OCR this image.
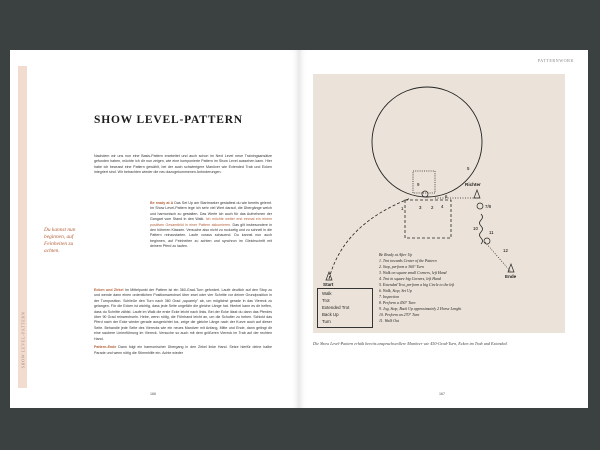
SHOW LEVEL-PATTERN
SHOW LEVEL-PATTERN

Nachdem wir uns nun eine Basis-Pattern erarbeitet und auch schon im Next Level neue Trainingsansätze gefunden haben, möchte ich dir nun zeigen, wie eine komponierte Pattern im Show Level aussehen kann. Hier habe ich bewusst eine Pattern gewählt, bei der auch schwierigere Manöver wie Extended Trab und Ecken integriert sind. Wir betrachten wieder die neu dazugekommenen Anforderungen.

Be ready at A Das Set Up am Startmarker gestaltest du wie bereits gelernt. Im Show Level-Pattern lege ich sehr viel Wert darauf, die Übergänge weich und harmonisch zu gestalten. Das Werfe ich auch für das Aufnehmen der Gangart vom Stand in den Walk. Ich möchte weiter erst einmal ein einem positiven Gesamtbild in einer Pattern akkumieren. Das gilt insbesondere in den höheren Klassen. Versuche also nicht zu ruckartig und zu schnell in die Pattern reinzustarten. Laufe voraus schauend. Du kannst nun auch beginnen, auf Feinheiten zu achten und synchron im Gleichschritt mit deinem Pferd zu laufen.

Du kannst nun beginnen, auf Feinheiten zu achten.

Ecken und Zirkel Im Mittelpunkt der Pattern ist ein 360-Grad-Turn gefordert. Laufe deutlich auf den Stop zu und wende dann einen ordentlichen Positionswechsel über zwei oder vier Schritte vor deiner Grundposition in der Turnposition. Schließe den Turn nach 360 Grad „squarely" ab, um möglichst gerade in das Viereck zu gelangen. Für die Ecken ist wichtig, dass jede Seite ungefähr die gleiche Länge hat. Hierbei kann es dir helfen, dass du Schritte zählst. Laufe im Walk die erste Ecke leicht nach links. Bei der Ecke lässt du dann das Pferdes über 90 Grad reinwechseln. Hebe, wenn nötig, die Führhand leicht an, um die Schulter zu heben. Schickt das Pferd nach der Ecke wieder gerade ausgerichtet los, zeige die gleiche Länge nach der Kurve auch auf dieser Seite. Behandle jede Seite des Vierecks wie ein neues Manöver mit Anfang, Mitte und Ende, dann gelingt dir eine saubere Linienführung im Viereck. Versuche so auch mit dem größeren Viereck im Trab auf der rechten Hand.

Pattern-Ende Dann folgt ein harmonischer Übergang in den Zirkel linke Hand. Setze hierfür deine halbe Parade und wenn nötig die Stimmhilfe ein. Achte wieder

166
PATTERNWORK
5
1	2
3	4
6
7/8
10
11
12
9
Start
Richter
Ende
Walk
Trot
Extended Trot
Back Up
Turn
Be Ready at After Up
1. Trot towards Center of the Pattern
2. Stop, perform a 360° Turn
3. Walk on square small Corners, left Hand
4. Trot in square big Corners, left Hand
5. Extended Trot, perform a big Circle to the left
6. Walk, Stop, Set Up
7. Inspection
8. Perform a 450° Turn
9. Jog, Stop, Back Up approximately 2 Horse Lenght
10. Perform an 270° Turn
11. Walk Out
Die Show Level-Pattern erhält bereits anspruchsvollere Manöver wie 450-Grad-Turn, Ecken im Trab und Extended.
167
